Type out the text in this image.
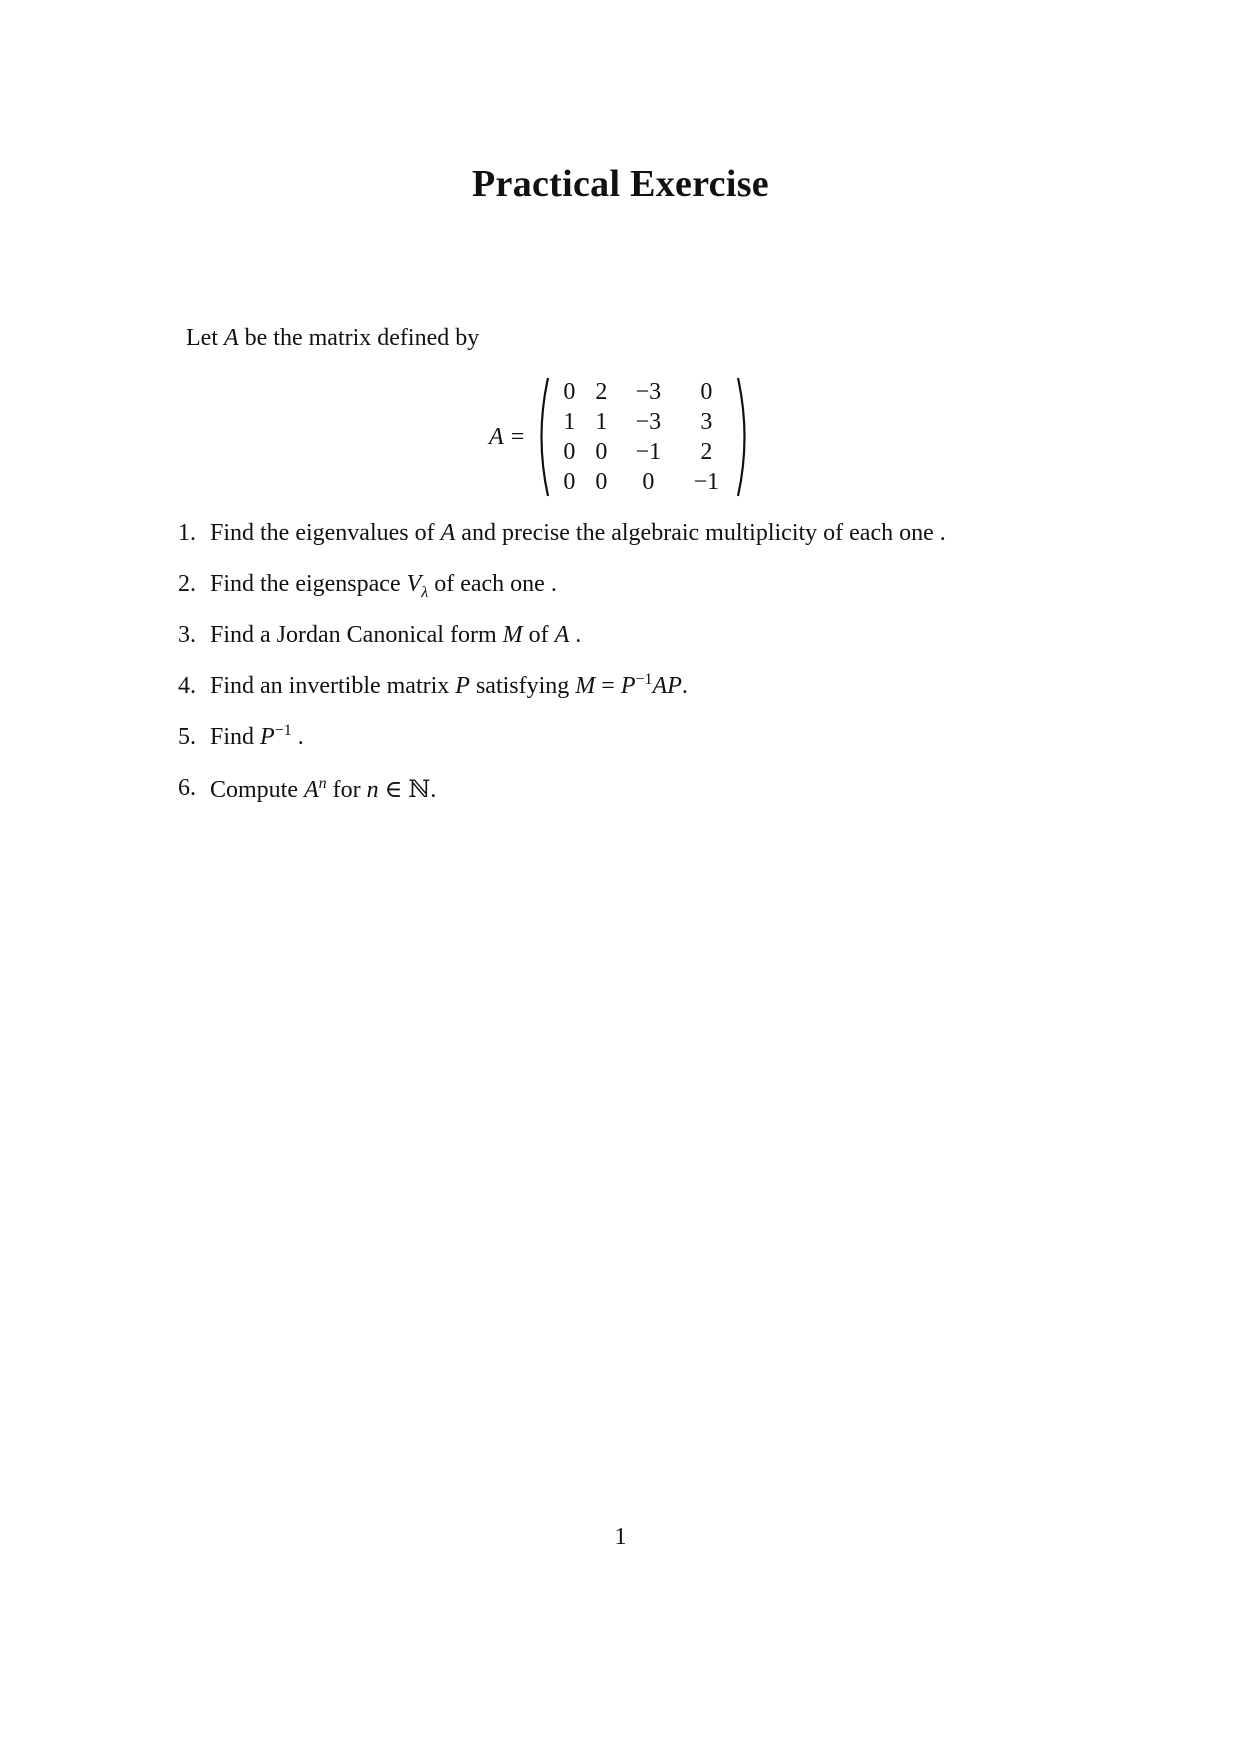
Practical Exercise
Let A be the matrix defined by
A =
0 2	−3	0
1 1	−3	3
0 0	−1	2
0 0	0	−1
1. Find the eigenvalues of A and precise the algebraic multiplicity of each one .
2. Find the eigenspace $V_\lambda$ of each one .
3. Find a Jordan Canonical form M of A .
4. Find an invertible matrix P satisfying $M = P^{-1}AP$.
5. Find $P^{-1}$ .
6. Compute $A^n$ for n ∈ ℕ.
1
